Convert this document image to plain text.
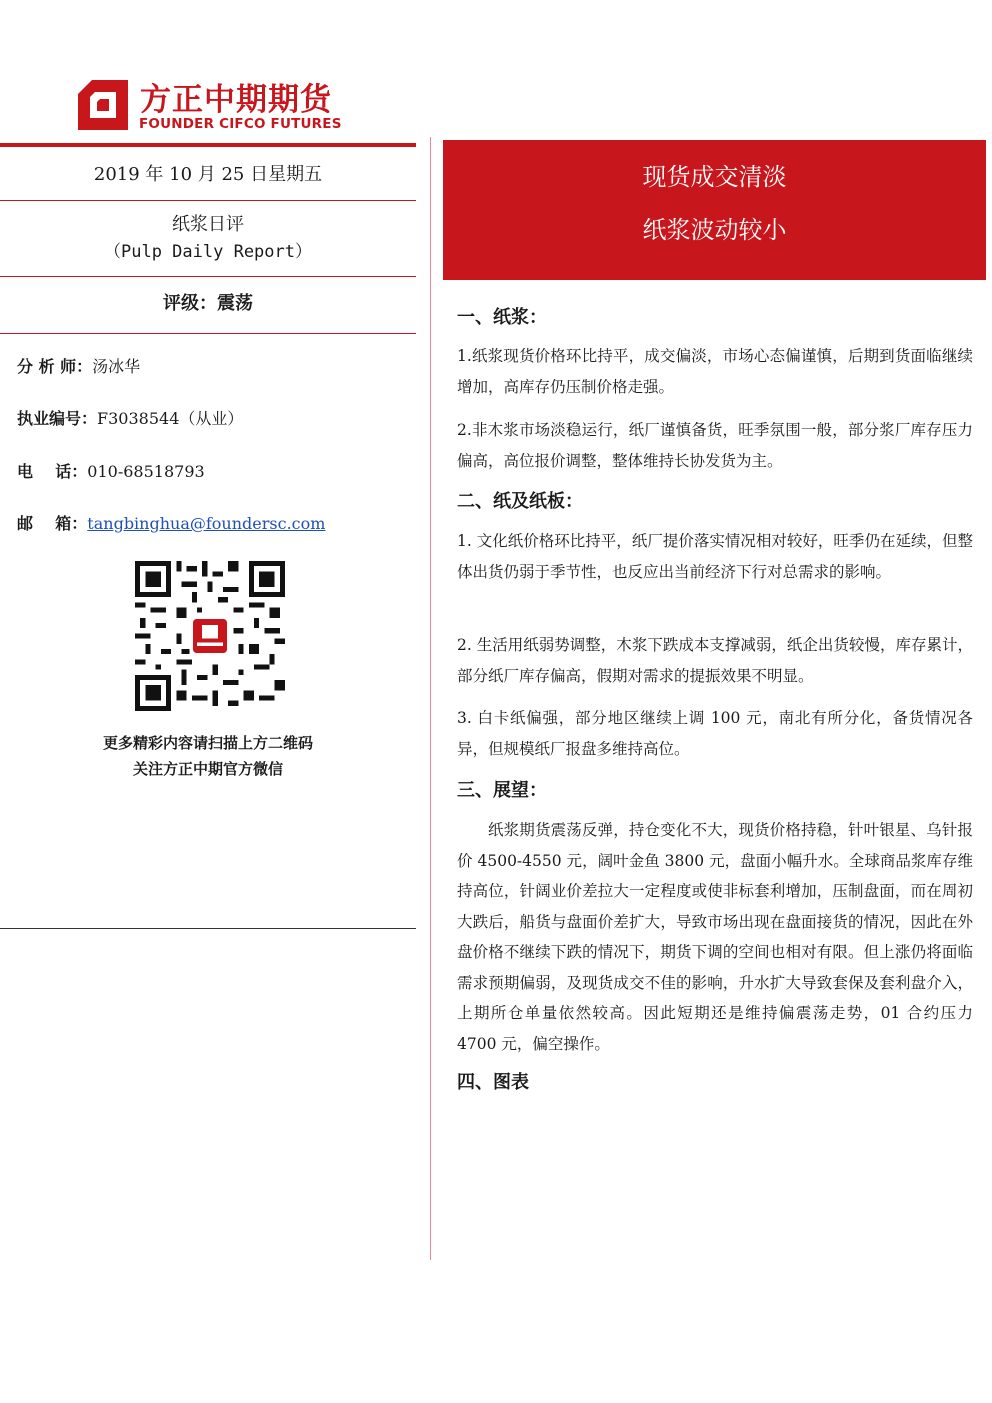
方正中期期货
FOUNDER CIFCO FUTURES
2019 年 10 月 25 日星期五
纸浆日评
（Pulp Daily Report）
评级：震荡
分 析 师：汤冰华
执业编号：F3038544（从业）
电    话：010-68518793
邮    箱：tangbinghua@foundersc.com
更多精彩内容请扫描上方二维码
关注方正中期官方微信
现货成交清淡
纸浆波动较小
一、纸浆：

1.纸浆现货价格环比持平，成交偏淡，市场心态偏谨慎，后期到货面临继续增加，高库存仍压制价格走强。

2.非木浆市场淡稳运行，纸厂谨慎备货，旺季氛围一般，部分浆厂库存压力偏高，高位报价调整，整体维持长协发货为主。

二、纸及纸板：

1. 文化纸价格环比持平，纸厂提价落实情况相对较好，旺季仍在延续，但整体出货仍弱于季节性，也反应出当前经济下行对总需求的影响。

2. 生活用纸弱势调整，木浆下跌成本支撑减弱，纸企出货较慢，库存累计，部分纸厂库存偏高，假期对需求的提振效果不明显。

3. 白卡纸偏强，部分地区继续上调 100 元，南北有所分化，备货情况各异，但规模纸厂报盘多维持高位。

三、展望：

纸浆期货震荡反弹，持仓变化不大，现货价格持稳，针叶银星、乌针报价 4500-4550 元，阔叶金鱼 3800 元，盘面小幅升水。全球商品浆库存维持高位，针阔业价差拉大一定程度或使非标套利增加，压制盘面，而在周初大跌后，船货与盘面价差扩大，导致市场出现在盘面接货的情况，因此在外盘价格不继续下跌的情况下，期货下调的空间也相对有限。但上涨仍将面临需求预期偏弱，及现货成交不佳的影响，升水扩大导致套保及套利盘介入，上期所仓单量依然较高。因此短期还是维持偏震荡走势，01 合约压力 4700 元，偏空操作。

四、图表
